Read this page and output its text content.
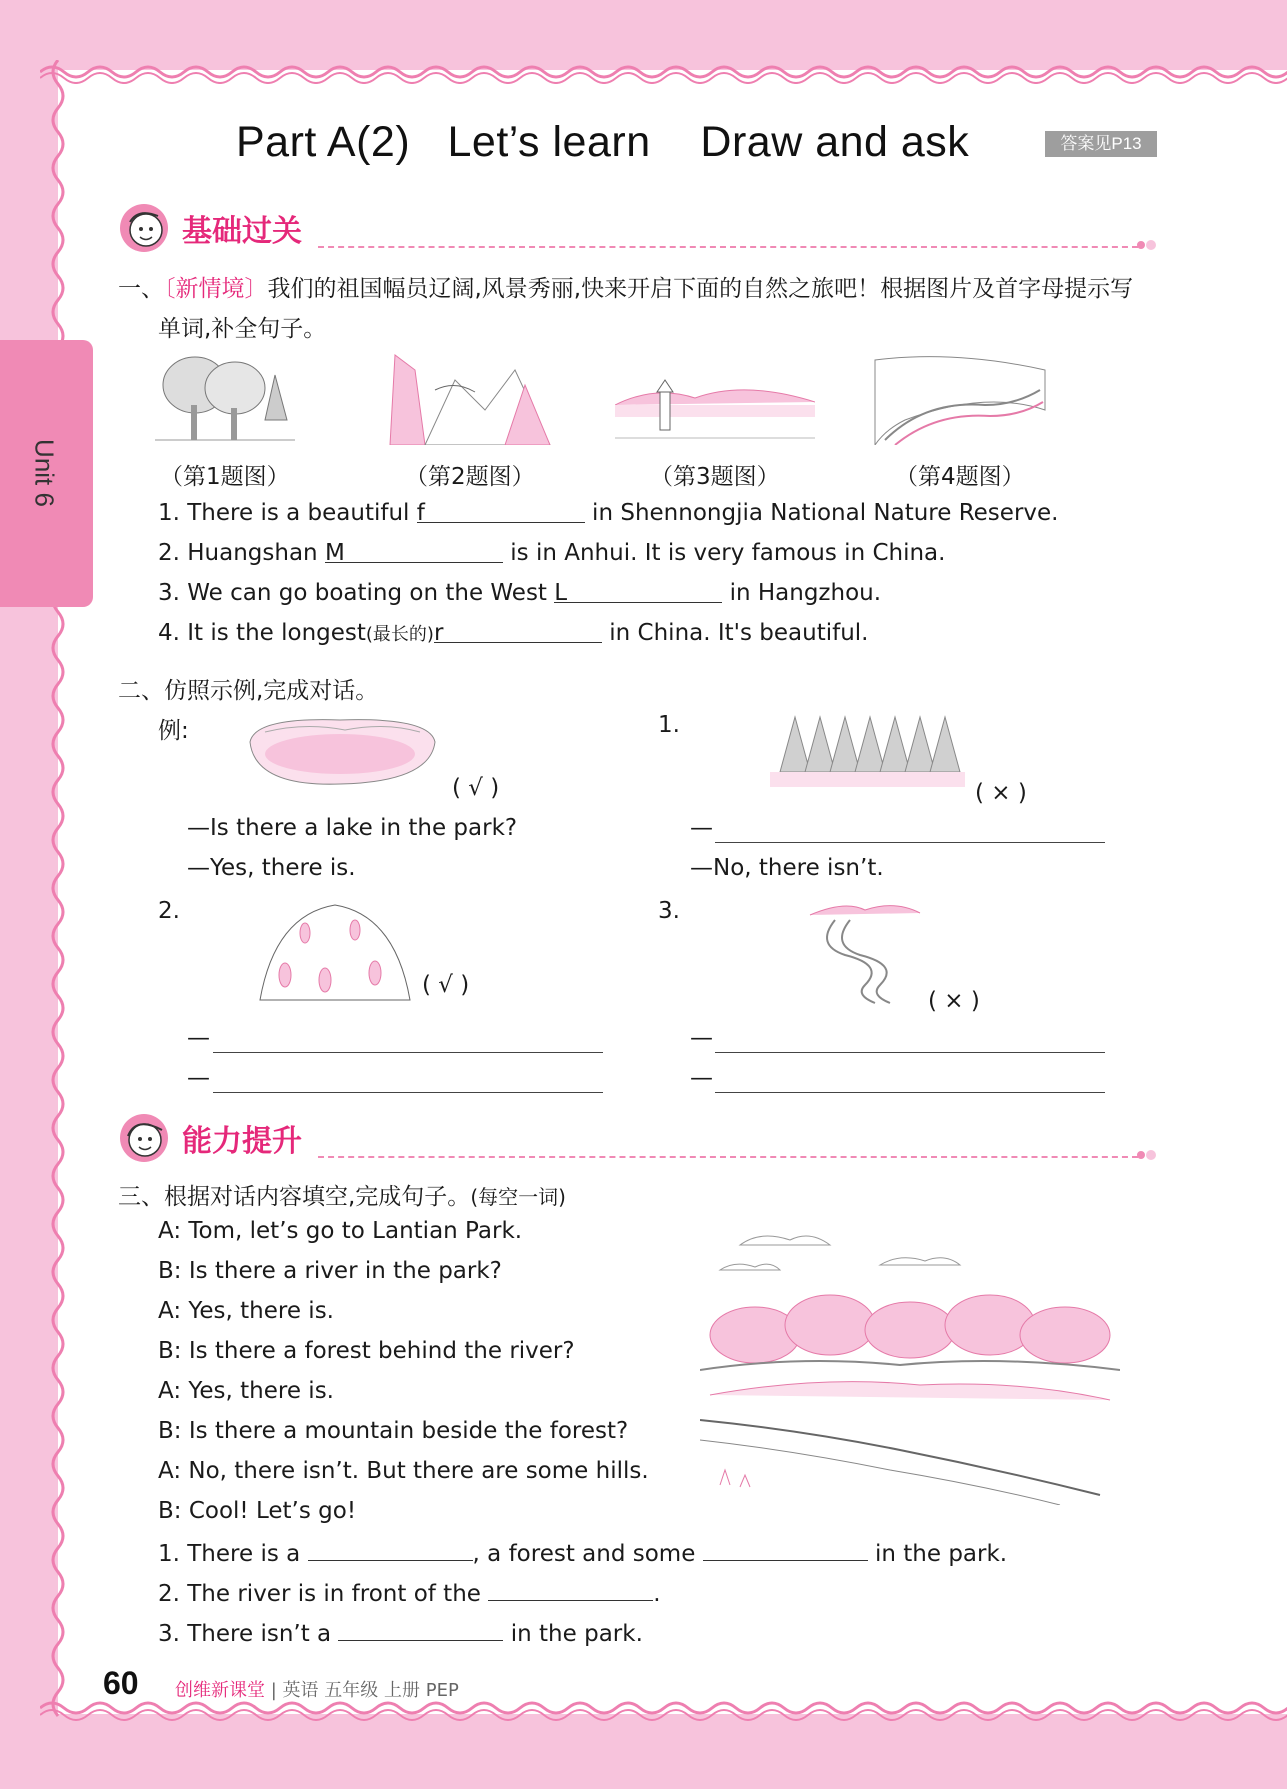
Unit 6
Part A(2)   Let’s learn    Draw and ask	答案见P13
基础过关
一、〔新情境〕我们的祖国幅员辽阔,风景秀丽,快来开启下面的自然之旅吧！根据图片及首字母提示写
单词,补全句子。
（第1题图）	（第2题图）	（第3题图）	（第4题图）
1. There is a beautiful f	in Shennongjia National Nature Reserve.
2. Huangshan M	is in Anhui. It is very famous in China.
3. We can go boating on the West L	in Hangzhou.
4. It is the longest(最长的)r	in China. It's beautiful.
二、仿照示例,完成对话。
例:
( √ )
—Is there a lake in the park?
—Yes, there is.
1.
( × )
—
—No, there isn’t.
2.
( √ )
—
—
3.
( × )
—
—
能力提升
三、根据对话内容填空,完成句子。(每空一词)
A: Tom, let’s go to Lantian Park.
B: Is there a river in the park?
A: Yes, there is.
B: Is there a forest behind the river?
A: Yes, there is.
B: Is there a mountain beside the forest?
A: No, there isn’t. But there are some hills.
B: Cool! Let’s go!
1. There is a	, a forest and some	in the park.
2. The river is in front of the	.
3. There isn’t a	in the park.
60 创维新课堂 | 英语 五年级 上册 PEP
